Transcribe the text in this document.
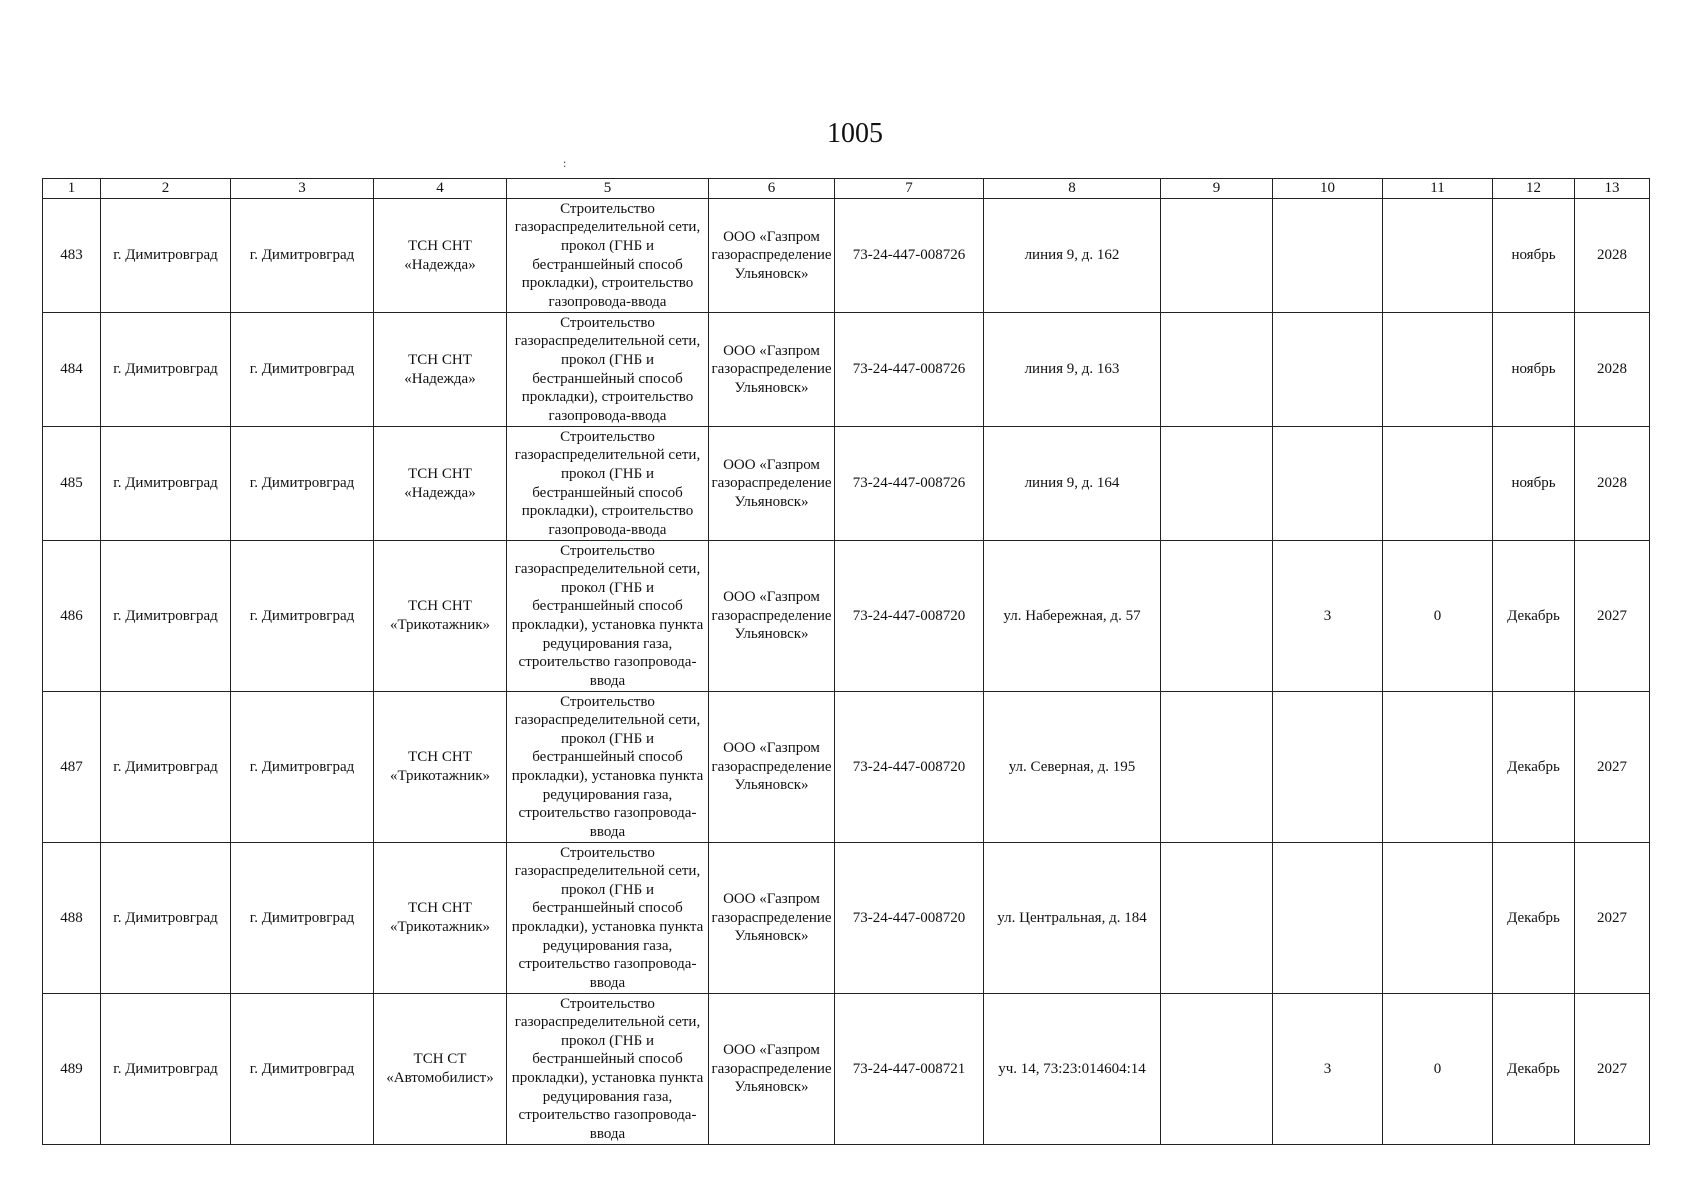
1005
:
1	2	3	4	5	6	7	8	9	10	11	12	13
483	г. Димитровград	г. Димитровград	ТСН СНТ «Надежда»	Строительство газораспределительной сети, прокол (ГНБ и бестраншейный способ прокладки), строительство газопровода-ввода	ООО «Газпром газораспределение Ульяновск»	73-24-447-008726	линия 9, д. 162				ноябрь	2028
484	г. Димитровград	г. Димитровград	ТСН СНТ «Надежда»	Строительство газораспределительной сети, прокол (ГНБ и бестраншейный способ прокладки), строительство газопровода-ввода	ООО «Газпром газораспределение Ульяновск»	73-24-447-008726	линия 9, д. 163				ноябрь	2028
485	г. Димитровград	г. Димитровград	ТСН СНТ «Надежда»	Строительство газораспределительной сети, прокол (ГНБ и бестраншейный способ прокладки), строительство газопровода-ввода	ООО «Газпром газораспределение Ульяновск»	73-24-447-008726	линия 9, д. 164				ноябрь	2028
486	г. Димитровград	г. Димитровград	ТСН СНТ «Трикотажник»	Строительство газораспределительной сети, прокол (ГНБ и бестраншейный способ прокладки), установка пункта редуцирования газа, строительство газопровода-ввода	ООО «Газпром газораспределение Ульяновск»	73-24-447-008720	ул. Набережная, д. 57		3	0	Декабрь	2027
487	г. Димитровград	г. Димитровград	ТСН СНТ «Трикотажник»	Строительство газораспределительной сети, прокол (ГНБ и бестраншейный способ прокладки), установка пункта редуцирования газа, строительство газопровода-ввода	ООО «Газпром газораспределение Ульяновск»	73-24-447-008720	ул. Северная, д. 195				Декабрь	2027
488	г. Димитровград	г. Димитровград	ТСН СНТ «Трикотажник»	Строительство газораспределительной сети, прокол (ГНБ и бестраншейный способ прокладки), установка пункта редуцирования газа, строительство газопровода-ввода	ООО «Газпром газораспределение Ульяновск»	73-24-447-008720	ул. Центральная, д. 184				Декабрь	2027
489	г. Димитровград	г. Димитровград	ТСН СТ «Автомобилист»	Строительство газораспределительной сети, прокол (ГНБ и бестраншейный способ прокладки), установка пункта редуцирования газа, строительство газопровода-ввода	ООО «Газпром газораспределение Ульяновск»	73-24-447-008721	уч. 14, 73:23:014604:14		3	0	Декабрь	2027
